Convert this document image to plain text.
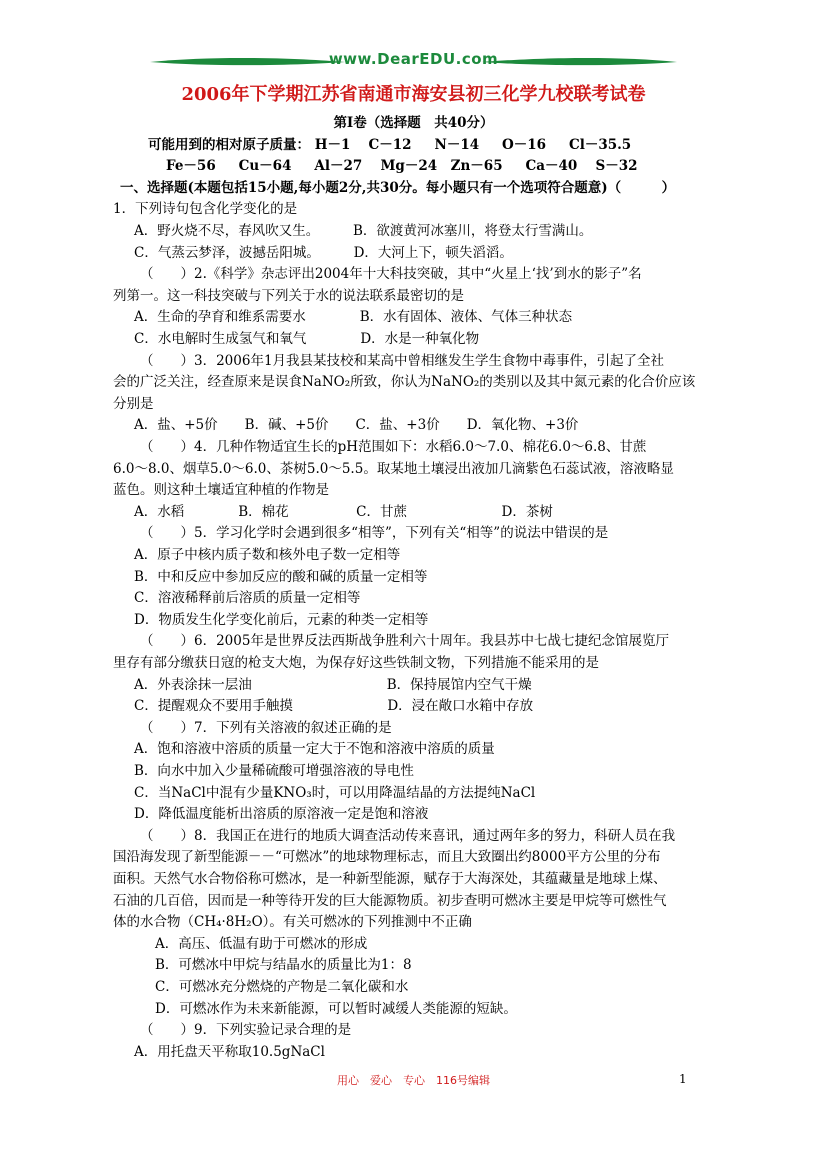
www.DearEDU.com
2006年下学期江苏省南通市海安县初三化学九校联考试卷
第Ⅰ卷（选择题　共40分）
可能用到的相对原子质量： H－1　 C－12 　 N－14 　 O－16 　 Cl－35.5
Fe－56 　 Cu－64 　 Al－27 　Mg－24　Zn－65 　 Ca－40　 S－32
一、选择题(本题包括15小题,每小题2分,共30分。每小题只有一个选项符合题意)（　　　）
1．下列诗句包含化学变化的是
A．野火烧不尽，春风吹又生。　　　B．欲渡黄河冰塞川，将登太行雪满山。
C．气蒸云梦泽，波撼岳阳城。　　　D．大河上下，顿失滔滔。
（　　）2.《科学》杂志评出2004年十大科技突破，其中“火星上‘找’到水的影子”名
列第一。这一科技突破与下列关于水的说法联系最密切的是
A．生命的孕育和维系需要水　　　　B．水有固体、液体、气体三种状态
C．水电解时生成氢气和氧气　　　　D．水是一种氧化物
（　　）3．2006年1月我县某技校和某高中曾相继发生学生食物中毒事件，引起了全社
会的广泛关注，经查原来是误食NaNO₂所致，你认为NaNO₂的类别以及其中氮元素的化合价应该
分别是
A．盐、+5价　　B．碱、+5价　　C．盐、+3价　　D．氧化物、+3价
（　　）4．几种作物适宜生长的pH范围如下：水稻6.0～7.0、棉花6.0～6.8、甘蔗
6.0～8.0、烟草5.0～6.0、茶树5.0～5.5。取某地土壤浸出液加几滴紫色石蕊试液，溶液略显
蓝色。则这种土壤适宜种植的作物是
A．水稻　　　　B．棉花　　　　　C．甘蔗　　　　　　　D．茶树
（　　）5．学习化学时会遇到很多“相等”，下列有关“相等”的说法中错误的是
A．原子中核内质子数和核外电子数一定相等
B．中和反应中参加反应的酸和碱的质量一定相等
C．溶液稀释前后溶质的质量一定相等
D．物质发生化学变化前后，元素的种类一定相等
（　　）6．2005年是世界反法西斯战争胜利六十周年。我县苏中七战七捷纪念馆展览厅
里存有部分缴获日寇的枪支大炮，为保存好这些铁制文物，下列措施不能采用的是
A．外表涂抹一层油　　　　　　　　　　B．保持展馆内空气干燥
C．提醒观众不要用手触摸　　　　　　　D．浸在敞口水箱中存放
（　　）7．下列有关溶液的叙述正确的是
A．饱和溶液中溶质的质量一定大于不饱和溶液中溶质的质量
B．向水中加入少量稀硫酸可增强溶液的导电性
C．当NaCl中混有少量KNO₃时，可以用降温结晶的方法提纯NaCl
D．降低温度能析出溶质的原溶液一定是饱和溶液
（　　）8．我国正在进行的地质大调查活动传来喜讯，通过两年多的努力，科研人员在我
国沿海发现了新型能源－－“可燃冰”的地球物理标志，而且大致圈出约8000平方公里的分布
面积。天然气水合物俗称可燃冰，是一种新型能源，赋存于大海深处，其蕴藏量是地球上煤、
石油的几百倍，因而是一种等待开发的巨大能源物质。初步查明可燃冰主要是甲烷等可燃性气
体的水合物（CH₄·8H₂O）。有关可燃冰的下列推测中不正确
A．高压、低温有助于可燃冰的形成
B．可燃冰中甲烷与结晶水的质量比为1：8
C．可燃冰充分燃烧的产物是二氧化碳和水
D．可燃冰作为未来新能源，可以暂时减缓人类能源的短缺。
（　　）9．下列实验记录合理的是
A．用托盘天平称取10.5gNaCl
用心　爱心　专心　116号编辑	1
